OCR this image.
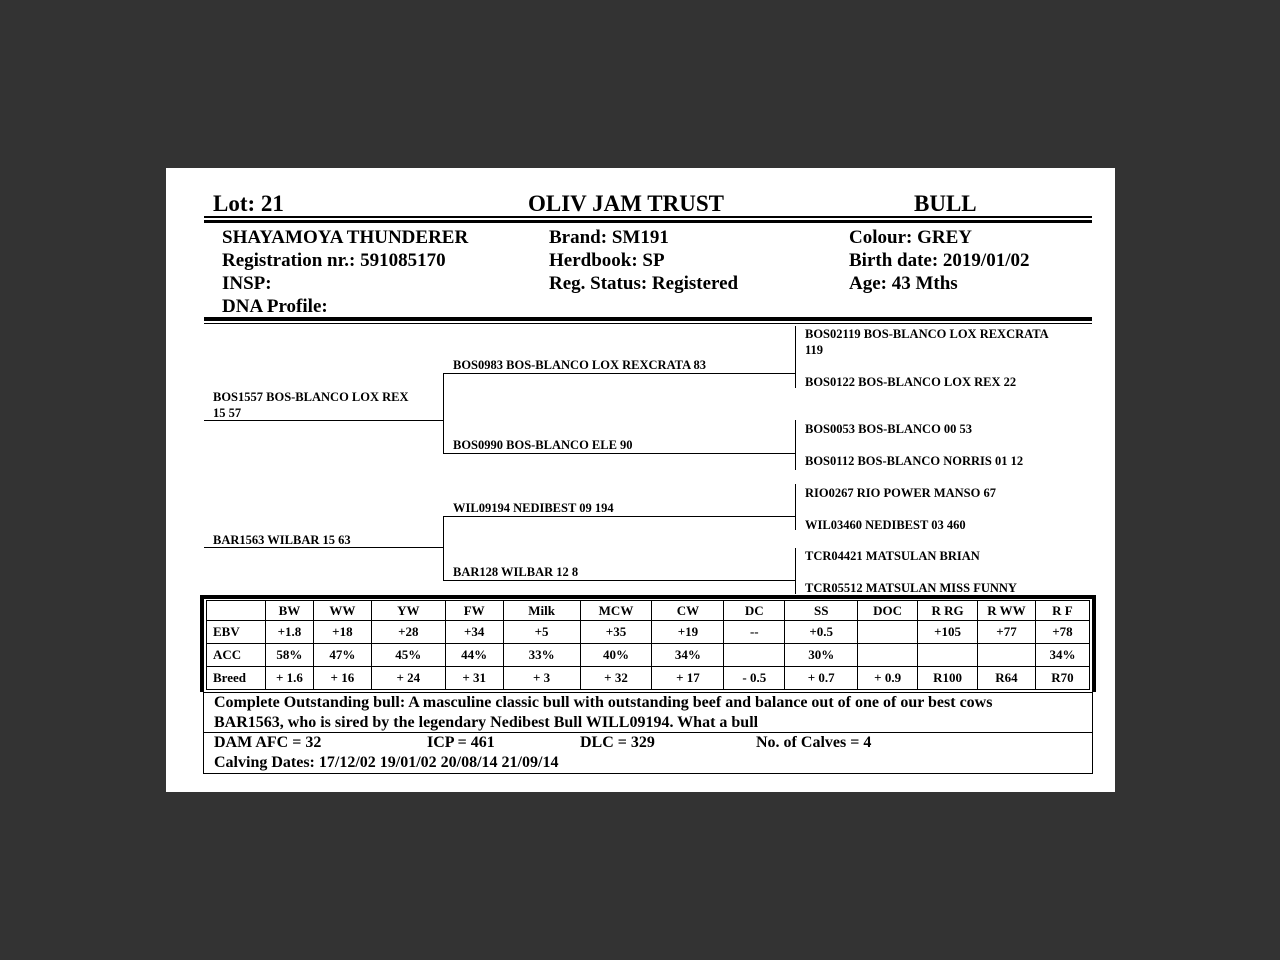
Lot: 21	OLIV JAM TRUST	BULL
SHAYAMOYA THUNDERER
Registration nr.: 591085170
INSP:
DNA Profile:
Brand: SM191
Herdbook: SP
Reg. Status: Registered
Colour: GREY
Birth date: 2019/01/02
Age: 43 Mths
BOS1557 BOS-BLANCO LOX REX
15 57
BAR1563 WILBAR 15 63
BOS0983 BOS-BLANCO LOX REXCRATA 83
BOS0990 BOS-BLANCO ELE 90
WIL09194 NEDIBEST 09 194
BAR128 WILBAR 12 8
BOS02119 BOS-BLANCO LOX REXCRATA
119
BOS0122 BOS-BLANCO LOX REX 22
BOS0053 BOS-BLANCO 00 53
BOS0112 BOS-BLANCO NORRIS 01 12
RIO0267 RIO POWER MANSO 67
WIL03460 NEDIBEST 03 460
TCR04421 MATSULAN BRIAN
TCR05512 MATSULAN MISS FUNNY
	BW	WW	YW	FW	Milk	MCW	CW	DC	SS	DOC	R RG	R WW	R F
EBV	+1.8	+18	+28	+34	+5	+35	+19	--	+0.5		+105	+77	+78
ACC	58%	47%	45%	44%	33%	40%	34%		30%				34%
Breed	+ 1.6	+ 16	+ 24	+ 31	+ 3	+ 32	+ 17	- 0.5	+ 0.7	+ 0.9	R100	R64	R70
Complete Outstanding bull: A masculine classic bull with outstanding beef and balance out of one of our best cows
BAR1563, who is sired by the legendary Nedibest Bull WILL09194. What a bull
DAM AFC = 32	ICP = 461	DLC = 329	No. of Calves = 4
Calving Dates: 17/12/02 19/01/02 20/08/14 21/09/14
